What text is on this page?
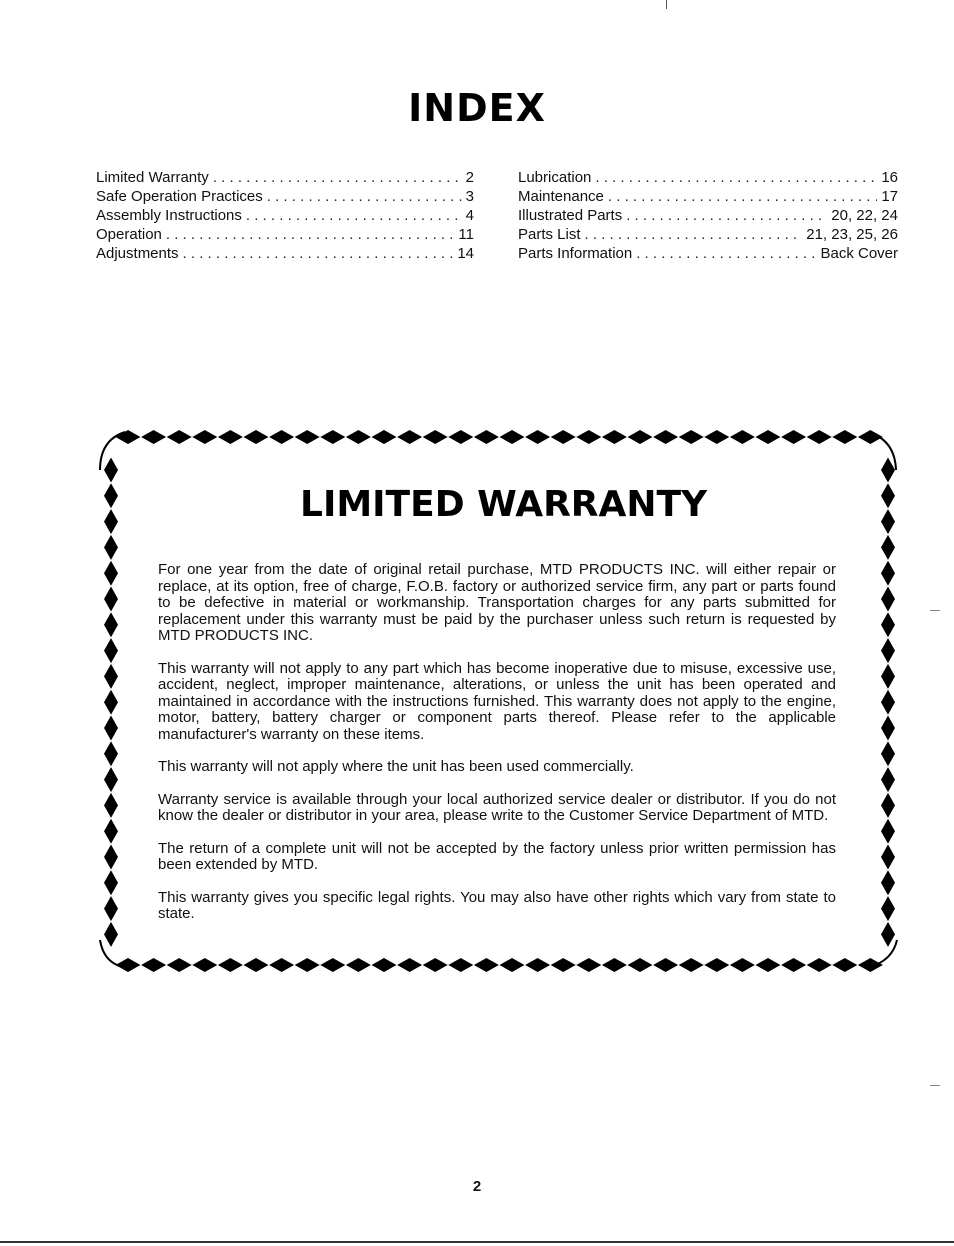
INDEX
Limited Warranty . . .	2
Safe Operation Practices . . .	3
Assembly Instructions . . .	4
Operation . . .	11
Adjustments . . .	14
Lubrication . . .	16
Maintenance . . .	17
Illustrated Parts . . .	20, 22, 24
Parts List . . .	21, 23, 25, 26
Parts Information . . .	Back Cover
LIMITED WARRANTY

For one year from the date of original retail purchase, MTD PRODUCTS INC. will either repair or replace, at its option, free of charge, F.O.B. factory or authorized service firm, any part or parts found to be defective in material or workmanship. Transportation charges for any parts submitted for replacement under this warranty must be paid by the purchaser unless such return is requested by MTD PRODUCTS INC.

This warranty will not apply to any part which has become inoperative due to misuse, excessive use, accident, neglect, improper maintenance, alterations, or unless the unit has been operated and maintained in accordance with the instructions furnished. This warranty does not apply to the engine, motor, battery, battery charger or component parts thereof. Please refer to the applicable manufacturer's warranty on these items.

This warranty will not apply where the unit has been used commercially.

Warranty service is available through your local authorized service dealer or distributor. If you do not know the dealer or distributor in your area, please write to the Customer Service Department of MTD.

The return of a complete unit will not be accepted by the factory unless prior written permission has been extended by MTD.

This warranty gives you specific legal rights. You may also have other rights which vary from state to state.

2
